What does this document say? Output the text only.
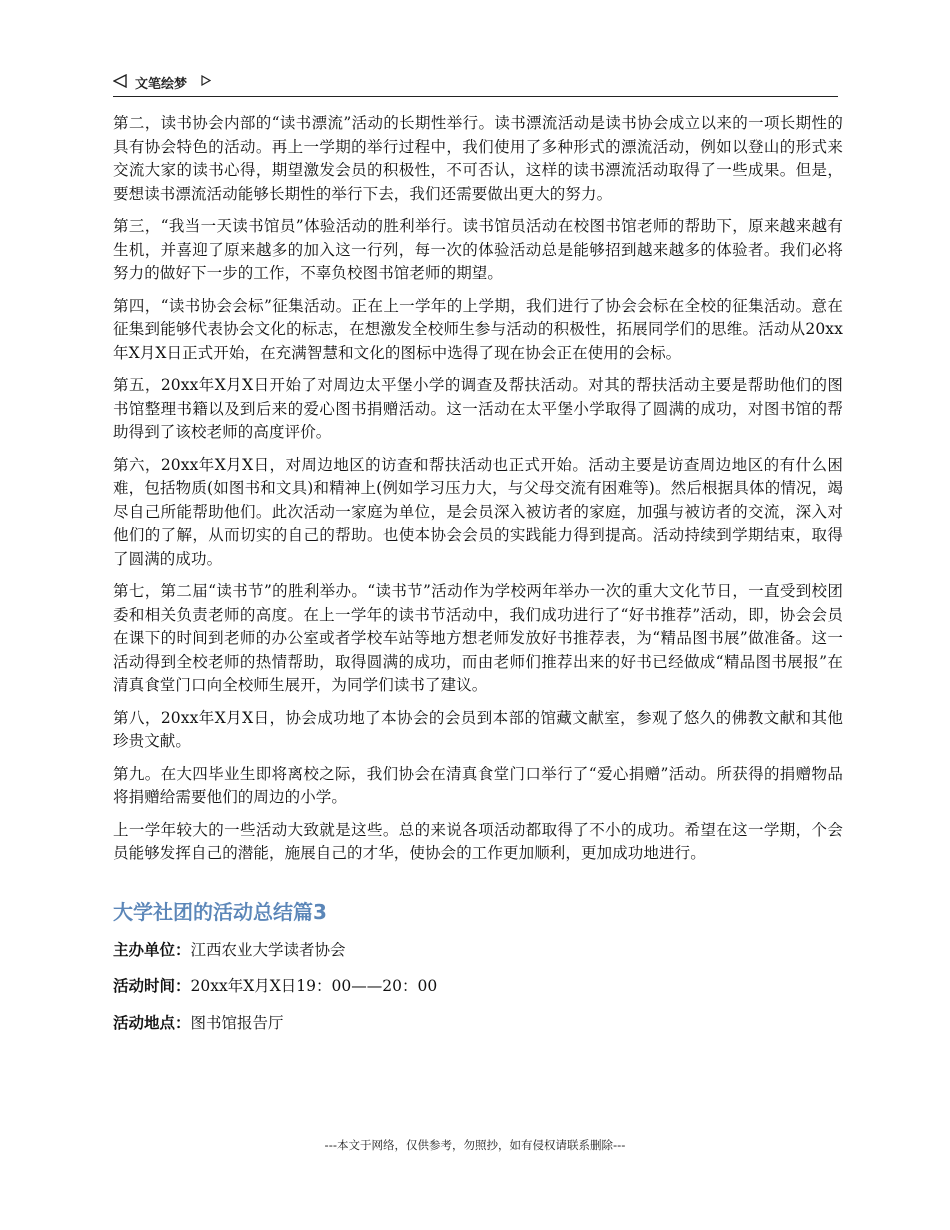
文笔绘梦

第二，读书协会内部的“读书漂流”活动的长期性举行。读书漂流活动是读书协会成立以来的一项长期性的具有协会特色的活动。再上一学期的举行过程中，我们使用了多种形式的漂流活动，例如以登山的形式来交流大家的读书心得，期望激发会员的积极性，不可否认，这样的读书漂流活动取得了一些成果。但是，要想读书漂流活动能够长期性的举行下去，我们还需要做出更大的努力。

第三，“我当一天读书馆员”体验活动的胜利举行。读书馆员活动在校图书馆老师的帮助下，原来越来越有生机，并喜迎了原来越多的加入这一行列，每一次的体验活动总是能够招到越来越多的体验者。我们必将努力的做好下一步的工作，不辜负校图书馆老师的期望。

第四，“读书协会会标”征集活动。正在上一学年的上学期，我们进行了协会会标在全校的征集活动。意在征集到能够代表协会文化的标志，在想激发全校师生参与活动的积极性，拓展同学们的思维。活动从20xx年X月X日正式开始，在充满智慧和文化的图标中选得了现在协会正在使用的会标。

第五，20xx年X月X日开始了对周边太平堡小学的调查及帮扶活动。对其的帮扶活动主要是帮助他们的图书馆整理书籍以及到后来的爱心图书捐赠活动。这一活动在太平堡小学取得了圆满的成功，对图书馆的帮助得到了该校老师的高度评价。

第六，20xx年X月X日，对周边地区的访查和帮扶活动也正式开始。活动主要是访查周边地区的有什么困难，包括物质(如图书和文具)和精神上(例如学习压力大，与父母交流有困难等)。然后根据具体的情况，竭尽自己所能帮助他们。此次活动一家庭为单位，是会员深入被访者的家庭，加强与被访者的交流，深入对他们的了解，从而切实的自己的帮助。也使本协会会员的实践能力得到提高。活动持续到学期结束，取得了圆满的成功。

第七，第二届“读书节”的胜利举办。“读书节”活动作为学校两年举办一次的重大文化节日，一直受到校团委和相关负责老师的高度。在上一学年的读书节活动中，我们成功进行了“好书推荐”活动，即，协会会员在课下的时间到老师的办公室或者学校车站等地方想老师发放好书推荐表，为“精品图书展”做准备。这一活动得到全校老师的热情帮助，取得圆满的成功，而由老师们推荐出来的好书已经做成“精品图书展报”在清真食堂门口向全校师生展开，为同学们读书了建议。

第八，20xx年X月X日，协会成功地了本协会的会员到本部的馆藏文献室，参观了悠久的佛教文献和其他珍贵文献。

第九。在大四毕业生即将离校之际，我们协会在清真食堂门口举行了“爱心捐赠”活动。所获得的捐赠物品将捐赠给需要他们的周边的小学。

上一学年较大的一些活动大致就是这些。总的来说各项活动都取得了不小的成功。希望在这一学期，个会员能够发挥自己的潜能，施展自己的才华，使协会的工作更加顺利，更加成功地进行。

大学社团的活动总结篇3
主办单位：江西农业大学读者协会
活动时间：20xx年X月X日19：00——20：00
活动地点：图书馆报告厅
---本文于网络，仅供参考，勿照抄，如有侵权请联系删除---
